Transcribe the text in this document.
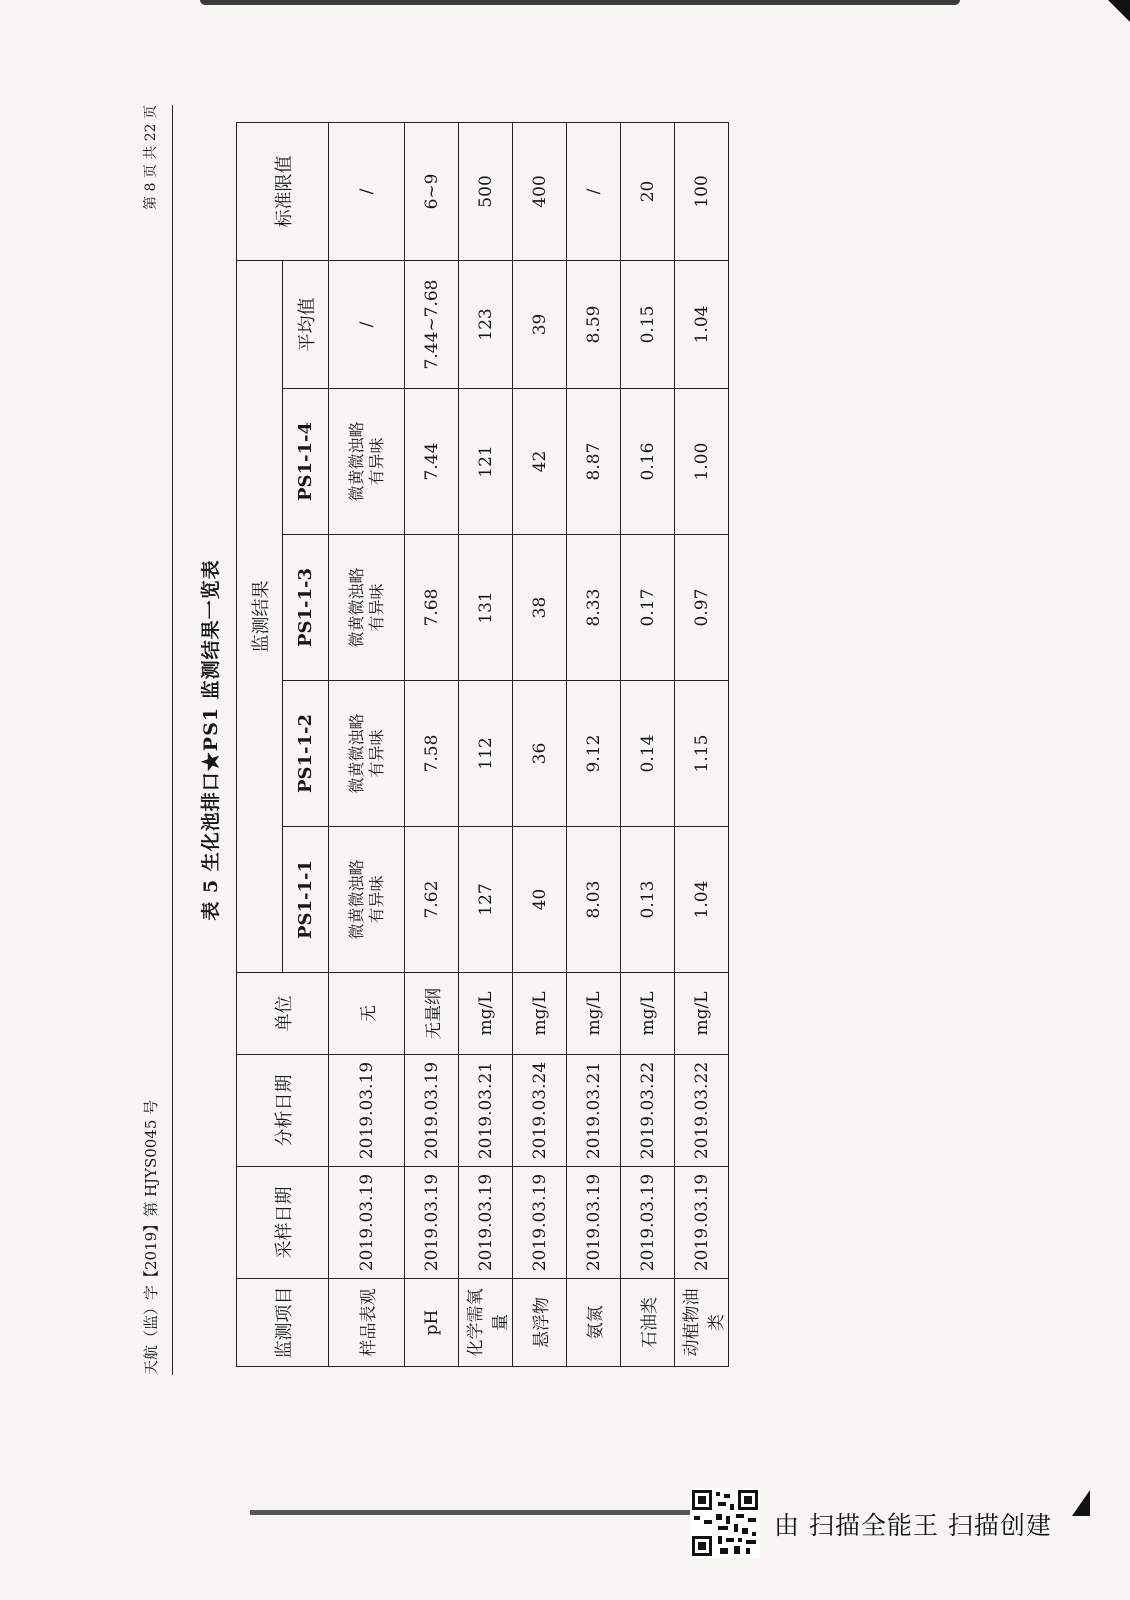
天航（监）字【2019】第 HJYS0045 号
第 8 页 共 22 页
表 5 生化池排口★PS1 监测结果一览表
监测项目	采样日期	分析日期	单位	监测结果					标准限值
				PS1-1-1	PS1-1-2	PS1-1-3	PS1-1-4	平均值	
样品表观	2019.03.19	2019.03.19	无	微黄微浊略
有异味	微黄微浊略
有异味	微黄微浊略
有异味	微黄微浊略
有异味	/	/
pH	2019.03.19	2019.03.19	无量纲	7.62	7.58	7.68	7.44	7.44~7.68	6~9
化学需氧量	2019.03.19	2019.03.21	mg/L	127	112	131	121	123	500
悬浮物	2019.03.19	2019.03.24	mg/L	40	36	38	42	39	400
氨氮	2019.03.19	2019.03.21	mg/L	8.03	9.12	8.33	8.87	8.59	/
石油类	2019.03.19	2019.03.22	mg/L	0.13	0.14	0.17	0.16	0.15	20
动植物油类	2019.03.19	2019.03.22	mg/L	1.04	1.15	0.97	1.00	1.04	100
由 扫描全能王 扫描创建
